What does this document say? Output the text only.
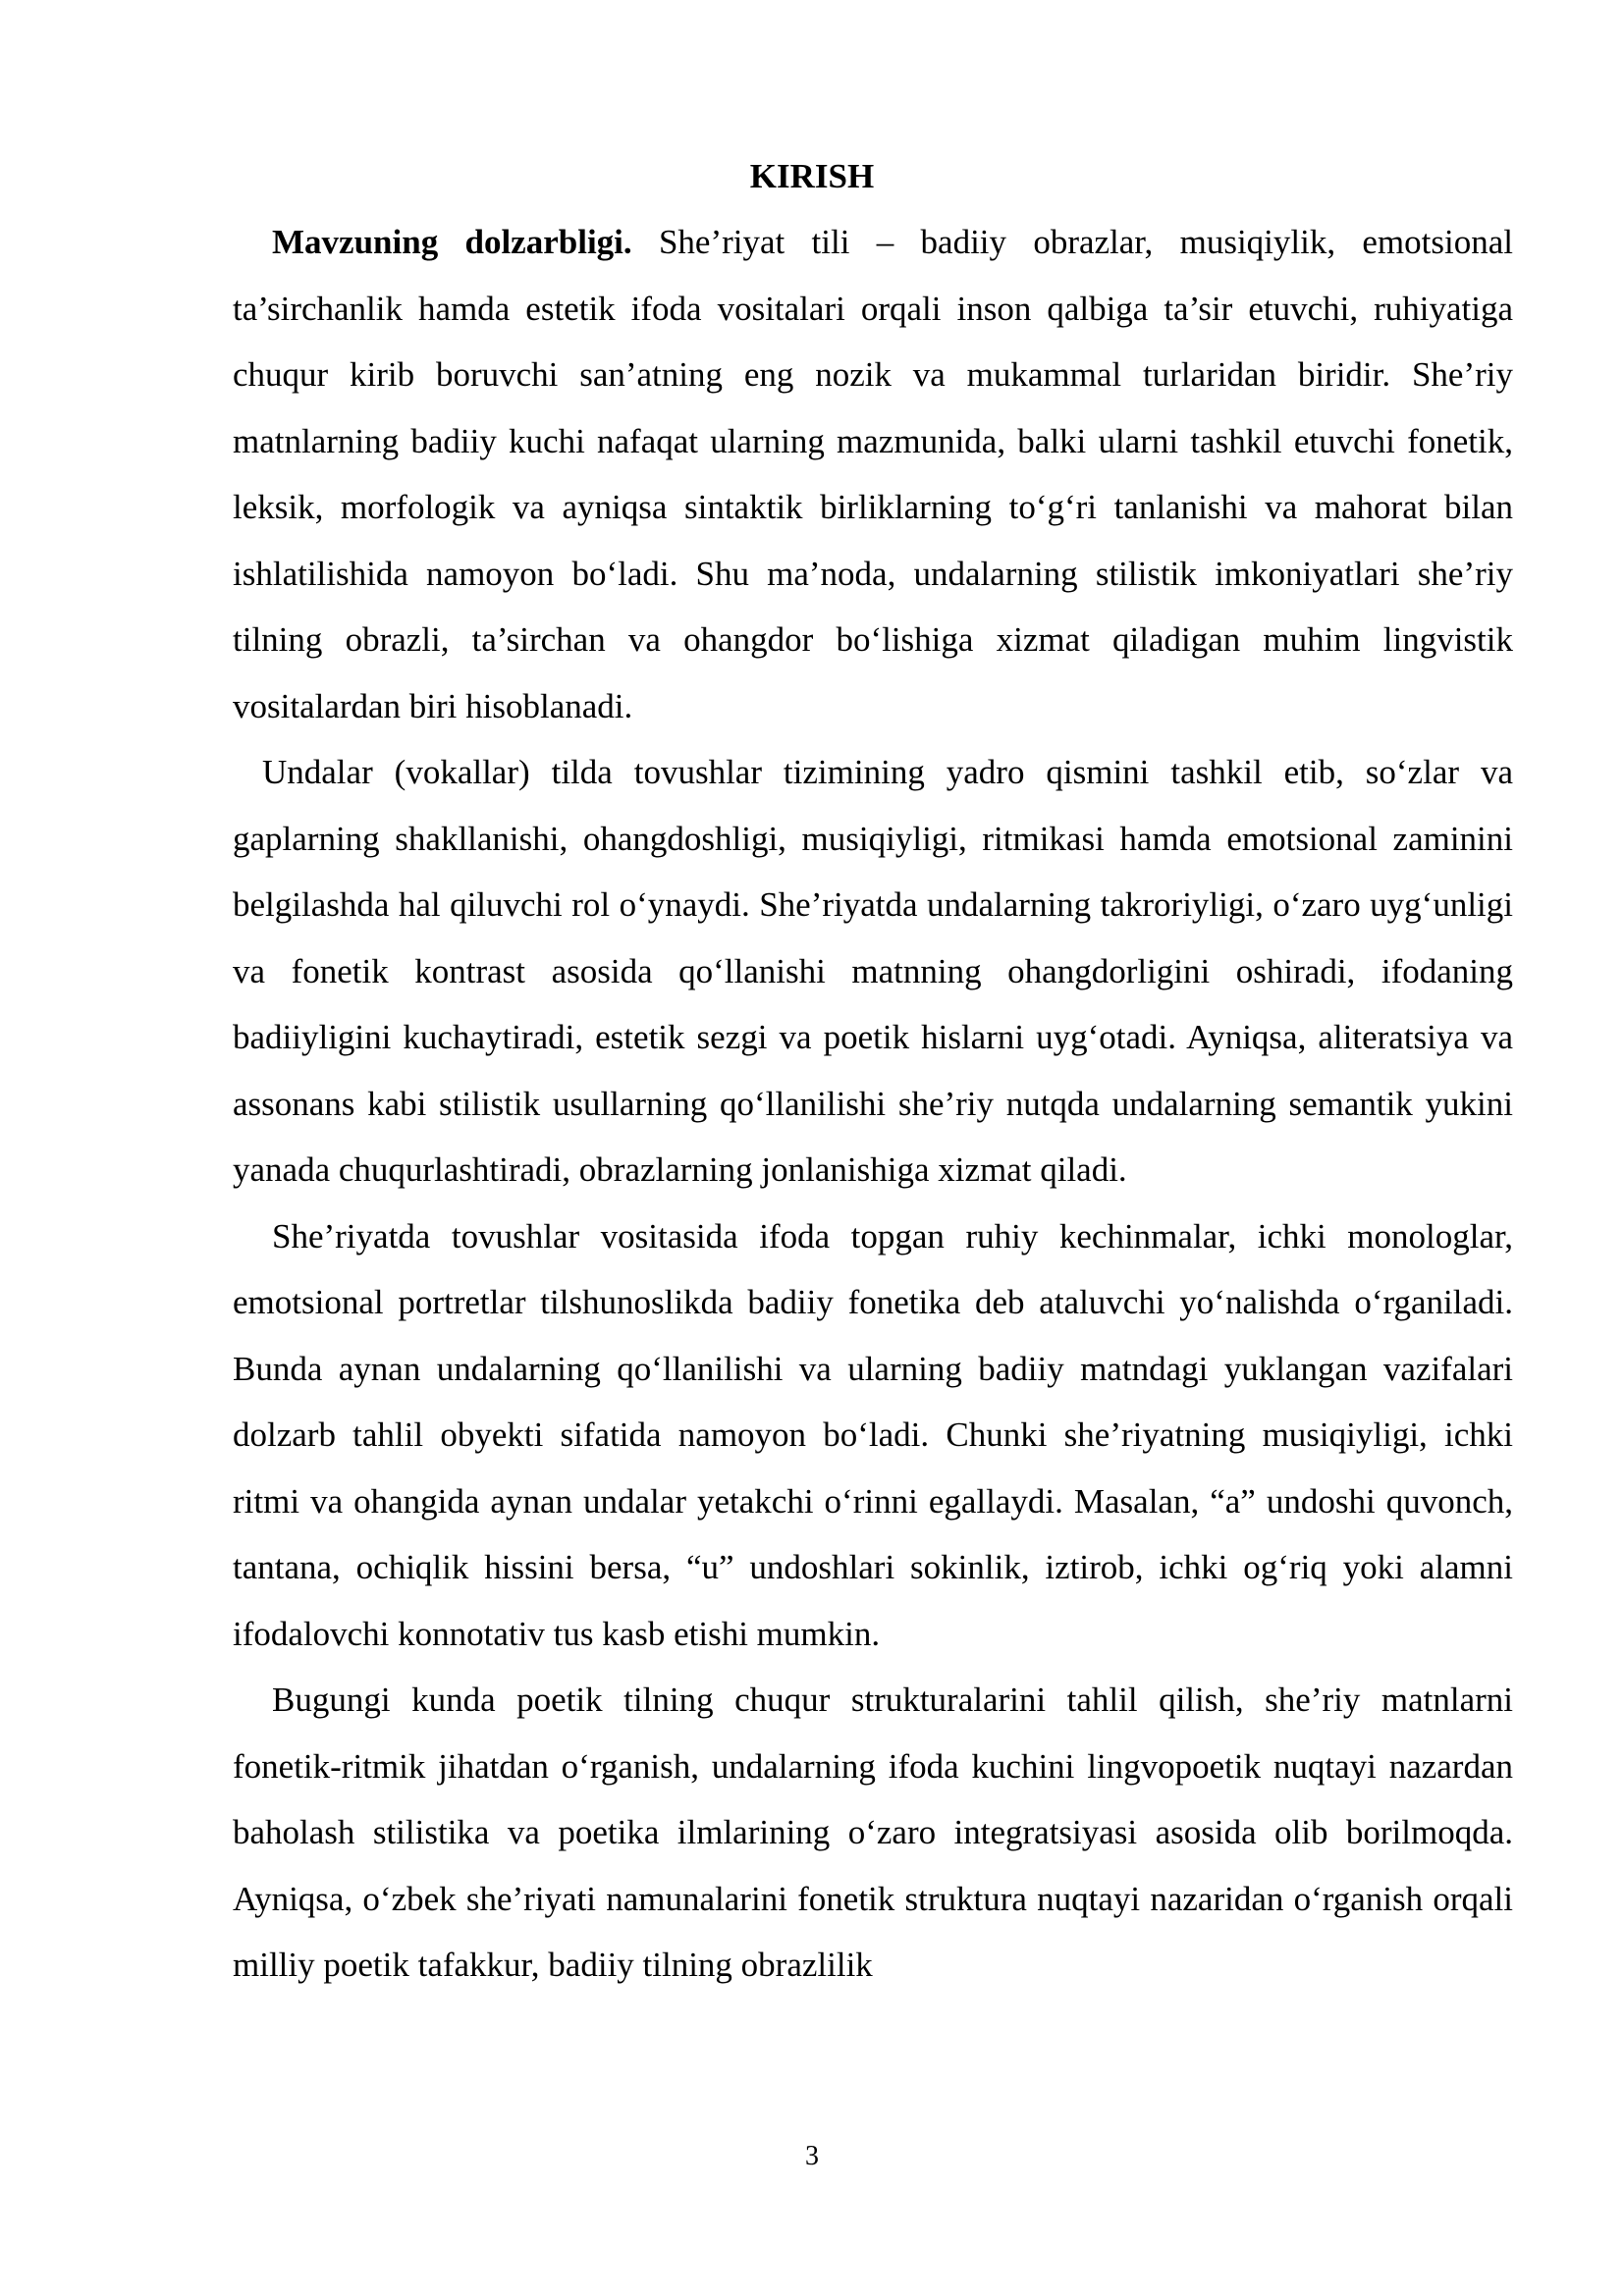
KIRISH

Mavzuning dolzarbligi. She’riyat tili – badiiy obrazlar, musiqiylik, emotsional ta’sirchanlik hamda estetik ifoda vositalari orqali inson qalbiga ta’sir etuvchi, ruhiyatiga chuqur kirib boruvchi san’atning eng nozik va mukammal turlaridan biridir. She’riy matnlarning badiiy kuchi nafaqat ularning mazmunida, balki ularni tashkil etuvchi fonetik, leksik, morfologik va ayniqsa sintaktik birliklarning to‘g‘ri tanlanishi va mahorat bilan ishlatilishida namoyon bo‘ladi. Shu ma’noda, undalarning stilistik imkoniyatlari she’riy tilning obrazli, ta’sirchan va ohangdor bo‘lishiga xizmat qiladigan muhim lingvistik vositalardan biri hisoblanadi.

Undalar (vokallar) tilda tovushlar tizimining yadro qismini tashkil etib, so‘zlar va gaplarning shakllanishi, ohangdoshligi, musiqiyligi, ritmikasi hamda emotsional zaminini belgilashda hal qiluvchi rol o‘ynaydi. She’riyatda undalarning takroriyligi, o‘zaro uyg‘unligi va fonetik kontrast asosida qo‘llanishi matnning ohangdorligini oshiradi, ifodaning badiiyligini kuchaytiradi, estetik sezgi va poetik hislarni uyg‘otadi. Ayniqsa, aliteratsiya va assonans kabi stilistik usullarning qo‘llanilishi she’riy nutqda undalarning semantik yukini yanada chuqurlashtiradi, obrazlarning jonlanishiga xizmat qiladi.

She’riyatda tovushlar vositasida ifoda topgan ruhiy kechinmalar, ichki monologlar, emotsional portretlar tilshunoslikda badiiy fonetika deb ataluvchi yo‘nalishda o‘rganiladi. Bunda aynan undalarning qo‘llanilishi va ularning badiiy matndagi yuklangan vazifalari dolzarb tahlil obyekti sifatida namoyon bo‘ladi. Chunki she’riyatning musiqiyligi, ichki ritmi va ohangida aynan undalar yetakchi o‘rinni egallaydi. Masalan, “a” undoshi quvonch, tantana, ochiqlik hissini bersa, “u” undoshlari sokinlik, iztirob, ichki og‘riq yoki alamni ifodalovchi konnotativ tus kasb etishi mumkin.

Bugungi kunda poetik tilning chuqur strukturalarini tahlil qilish, she’riy matnlarni fonetik-ritmik jihatdan o‘rganish, undalarning ifoda kuchini lingvopoetik nuqtayi nazardan baholash stilistika va poetika ilmlarining o‘zaro integratsiyasi asosida olib borilmoqda. Ayniqsa, o‘zbek she’riyati namunalarini fonetik struktura nuqtayi nazaridan o‘rganish orqali milliy poetik tafakkur, badiiy tilning obrazlilik

3
